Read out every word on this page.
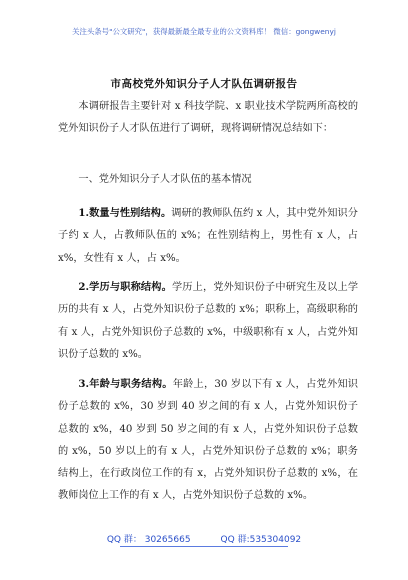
关注头条号"公文研究"，获得最新最全最专业的公文资料库！ 微信：gongwenyj
市高校党外知识分子人才队伍调研报告

本调研报告主要针对 x 科技学院、x 职业技术学院两所高校的党外知识份子人才队伍进行了调研，现将调研情况总结如下：

一、党外知识分子人才队伍的基本情况

1.数量与性别结构。调研的教师队伍约 x 人，其中党外知识分子约 x 人，占教师队伍的 x%；在性别结构上，男性有 x 人，占 x%，女性有 x 人，占 x%。

2.学历与职称结构。学历上，党外知识份子中研究生及以上学历的共有 x 人，占党外知识份子总数的 x%；职称上，高级职称的有 x 人，占党外知识份子总数的 x%，中级职称有 x 人，占党外知识份子总数的 x%。

3.年龄与职务结构。年龄上，30 岁以下有 x 人，占党外知识份子总数的 x%，30 岁到 40 岁之间的有 x 人，占党外知识份子总数的 x%，40 岁到 50 岁之间的有 x 人，占党外知识份子总数的 x%，50 岁以上的有 x 人，占党外知识份子总数的 x%；职务结构上，在行政岗位工作的有 x，占党外知识份子总数的 x%，在教师岗位上工作的有 x 人，占党外知识份子总数的 x%。

QQ 群： 30265665	QQ 群:535304092
